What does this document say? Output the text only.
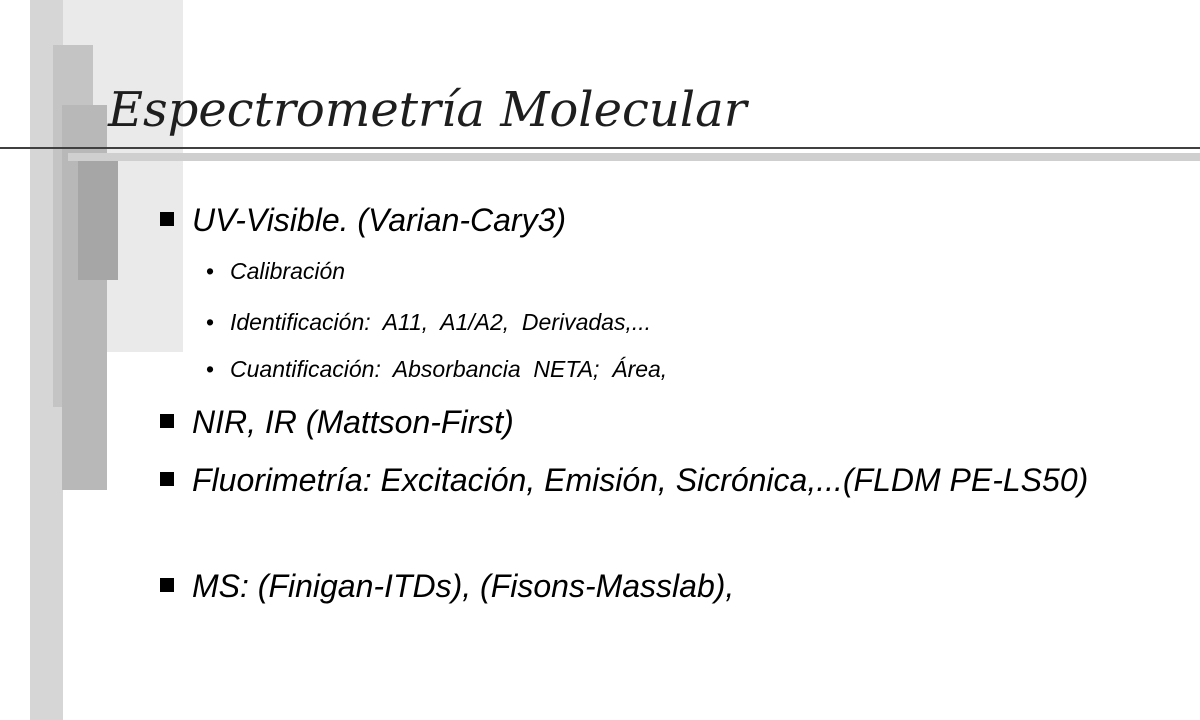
Espectrometría Molecular
UV-Visible. (Varian-Cary3)
• Calibración
• Identificación:  A11,  A1/A2,  Derivadas,...
• Cuantificación:  Absorbancia  NETA;  Área,
NIR, IR (Mattson-First)
Fluorimetría: Excitación, Emisión, Sicrónica,...(FLDM PE-LS50)
MS: (Finigan-ITDs), (Fisons-Masslab),
